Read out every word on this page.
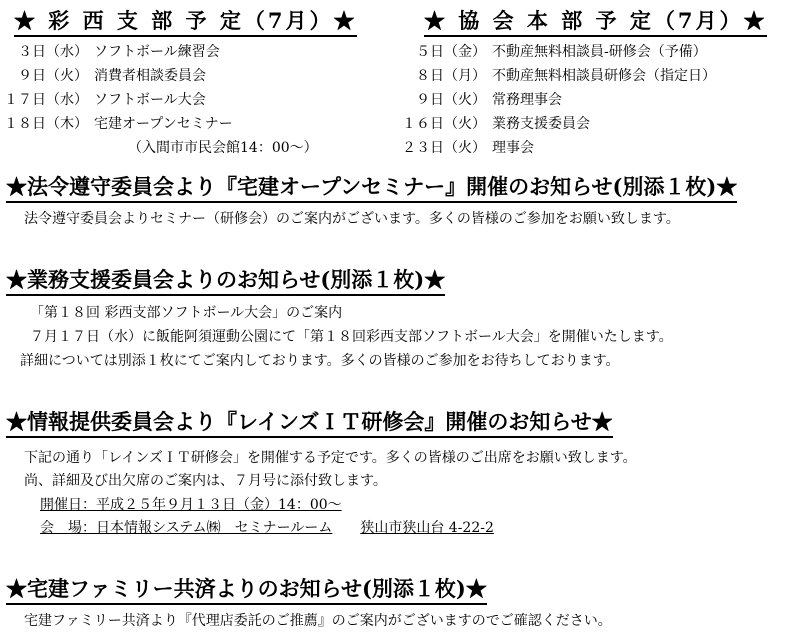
★ 彩 西 支 部 予 定（7月）★
３日（水） ソフトボール練習会
９日（火） 消費者相談委員会
１７日（水） ソフトボール大会
１８日（木） 宅建オープンセミナー
（入間市市民会館14：00～）
★ 協 会 本 部 予 定（7月）★
５日（金） 不動産無料相談員-研修会（予備）
８日（月） 不動産無料相談員研修会（指定日）
９日（火） 常務理事会
１６日（火） 業務支援委員会
２３日（火） 理事会
★法令遵守委員会より『宅建オープンセミナー』開催のお知らせ(別添１枚)★
法令遵守委員会よりセミナー（研修会）のご案内がございます。多くの皆様のご参加をお願い致します。
★業務支援委員会よりのお知らせ(別添１枚)★
「第１８回 彩西支部ソフトボール大会」のご案内
７月１７日（水）に飯能阿須運動公園にて「第１８回彩西支部ソフトボール大会」を開催いたします。
詳細については別添１枚にてご案内しております。多くの皆様のご参加をお待ちしております。
★情報提供委員会より『レインズＩＴ研修会』開催のお知らせ★
下記の通り「レインズＩＴ研修会」を開催する予定です。多くの皆様のご出席をお願い致します。
尚、詳細及び出欠席のご案内は、７月号に添付致します。
開催日：平成２５年９月１３日（金）14：00～
会　場：日本情報システム㈱　セミナールーム 狭山市狭山台 4-22-2
★宅建ファミリー共済よりのお知らせ(別添１枚)★
宅建ファミリー共済より『代理店委託のご推薦』のご案内がございますのでご確認ください。
